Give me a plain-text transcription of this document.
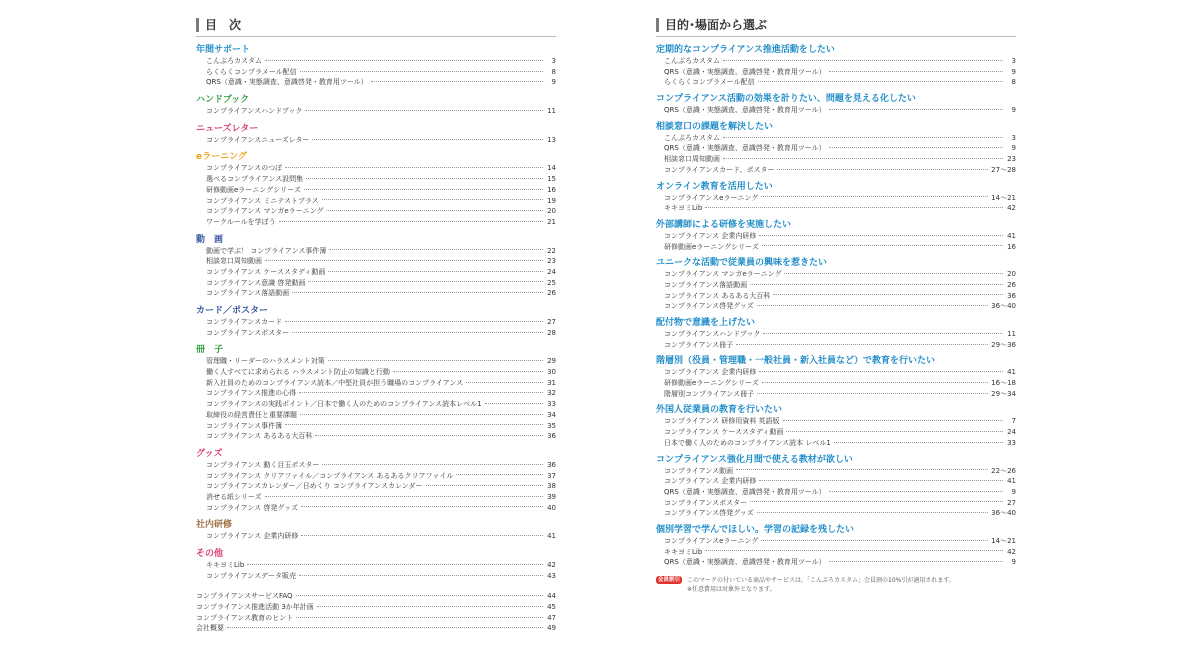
目　次
年間サポート
こんぷろカスタム	3
らくらくコンプラメール配信	8
QRS（意識・実態調査、意識啓発・教育用ツール）	9
ハンドブック
コンプライアンスハンドブック	11
ニューズレター
コンプライアンスニューズレター	13
eラーニング
コンプライアンスのつぼ	14
選べるコンプライアンス設問集	15
研修動画eラーニングシリーズ	16
コンプライアンス ミニテストプラス	19
コンプライアンス マンガeラーニング	20
ワークルールを学ぼう	21
動　画
動画で学ぶ！ コンプライアンス事件簿	22
相談窓口周知動画	23
コンプライアンス ケーススタディ動画	24
コンプライアンス意識 啓発動画	25
コンプライアンス落語動画	26
カード／ポスター
コンプライアンスカード	27
コンプライアンスポスター	28
冊　子
管理職・リーダーのハラスメント対策	29
働く人すべてに求められる ハラスメント防止の知識と行動	30
新入社員のためのコンプライアンス読本／中堅社員が担う職場のコンプライアンス	31
コンプライアンス推進の心得	32
コンプライアンスの実践ポイント／日本で働く人のためのコンプライアンス読本レベル1	33
取締役の経営責任と重要課題	34
コンプライアンス事件簿	35
コンプライアンス あるある大百科	36
グッズ
コンプライアンス 動く目玉ポスター	36
コンプライアンス クリアファイル／コンプライアンス あるあるクリアファイル	37
コンプライアンスカレンダー／日めくり コンプライアンスカレンダー	38
消せる紙シリーズ	39
コンプライアンス 啓発グッズ	40
社内研修
コンプライアンス 企業内研修	41
その他
キキヨミLib	42
コンプライアンスデータ販売	43
コンプライアンスサービスFAQ	44
コンプライアンス推進活動 3か年計画	45
コンプライアンス教育のヒント	47
会社概要	49
目的･場面から選ぶ
定期的なコンプライアンス推進活動をしたい
こんぷろカスタム	3
QRS（意識・実態調査、意識啓発・教育用ツール）	9
らくらくコンプラメール配信	8
コンプライアンス活動の効果を計りたい、問題を見える化したい
QRS（意識・実態調査、意識啓発・教育用ツール）	9
相談窓口の課題を解決したい
こんぷろカスタム	3
QRS（意識・実態調査、意識啓発・教育用ツール）	9
相談窓口周知動画	23
コンプライアンスカード、ポスター	27～28
オンライン教育を活用したい
コンプライアンスeラーニング	14～21
キキヨミLib	42
外部講師による研修を実施したい
コンプライアンス 企業内研修	41
研修動画eラーニングシリーズ	16
ユニークな活動で従業員の興味を惹きたい
コンプライアンス マンガeラーニング	20
コンプライアンス落語動画	26
コンプライアンス あるある大百科	36
コンプライアンス啓発グッズ	36～40
配付物で意識を上げたい
コンプライアンスハンドブック	11
コンプライアンス冊子	29～36
階層別（役員・管理職・一般社員・新入社員など）で教育を行いたい
コンプライアンス 企業内研修	41
研修動画eラーニングシリーズ	16～18
階層別コンプライアンス冊子	29～34
外国人従業員の教育を行いたい
コンプライアンス 研修用資料 英語版	7
コンプライアンス ケーススタディ動画	24
日本で働く人のためのコンプライアンス読本 レベル1	33
コンプライアンス強化月間で使える教材が欲しい
コンプライアンス動画	22～26
コンプライアンス 企業内研修	41
QRS（意識・実態調査、意識啓発・教育用ツール）	9
コンプライアンスポスター	27
コンプライアンス啓発グッズ	36～40
個別学習で学んでほしい。学習の記録を残したい
コンプライアンスeラーニング	14～21
キキヨミLib	42
QRS（意識・実態調査、意識啓発・教育用ツール）	9
会員割引	このマークの付いている商品やサービスは、「こんぷろカスタム」会員割の10%引が適用されます。
※任意費用は対象外となります。
